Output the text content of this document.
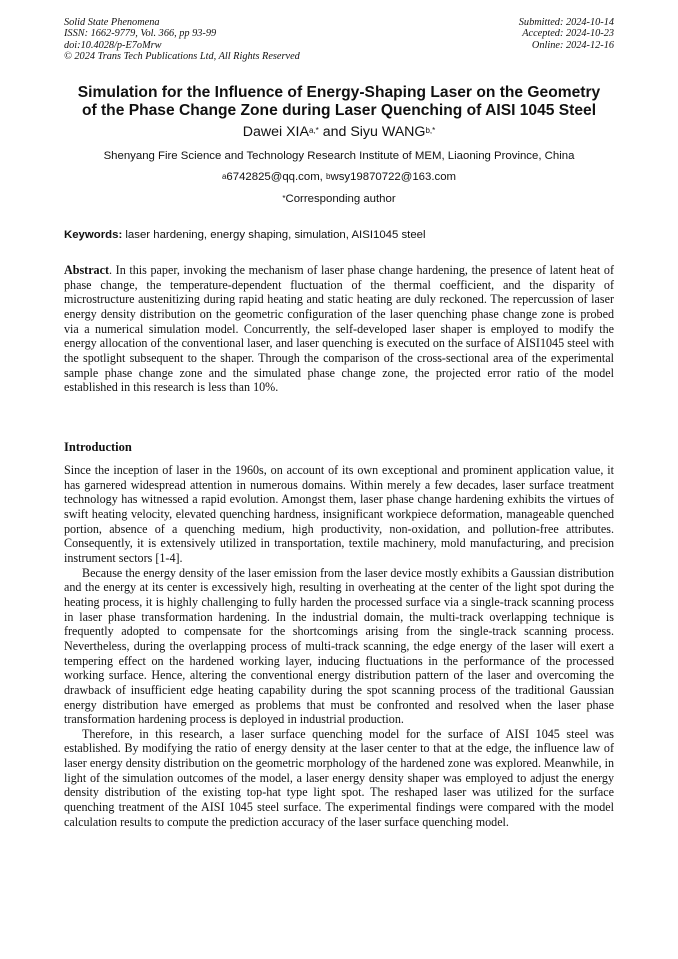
Solid State Phenomena
ISSN: 1662-9779, Vol. 366, pp 93-99
doi:10.4028/p-E7oMrw
© 2024 Trans Tech Publications Ltd, All Rights Reserved
Submitted: 2024-10-14
Accepted: 2024-10-23
Online: 2024-12-16
Simulation for the Influence of Energy-Shaping Laser on the Geometry
of the Phase Change Zone during Laser Quenching of AISI 1045 Steel
Dawei $XIA^{a,*}$ and Siyu $WANG^{b,*}$
Shenyang Fire Science and Technology Research Institute of MEM, Liaoning Province, China
$^a$6742825@qq.com, $^b$wsy19870722@163.com
*Corresponding author
Keywords: laser hardening, energy shaping, simulation, AISI1045 steel

Abstract. In this paper, invoking the mechanism of laser phase change hardening, the presence of latent heat of phase change, the temperature-dependent fluctuation of the thermal coefficient, and the disparity of microstructure austenitizing during rapid heating and static heating are duly reckoned. The repercussion of laser energy density distribution on the geometric configuration of the laser quenching phase change zone is probed via a numerical simulation model. Concurrently, the self-developed laser shaper is employed to modify the energy allocation of the conventional laser, and laser quenching is executed on the surface of AISI1045 steel with the spotlight subsequent to the shaper. Through the comparison of the cross-sectional area of the experimental sample phase change zone and the simulated phase change zone, the projected error ratio of the model established in this research is less than 10%.

Introduction

Since the inception of laser in the 1960s, on account of its own exceptional and prominent application value, it has garnered widespread attention in numerous domains. Within merely a few decades, laser surface treatment technology has witnessed a rapid evolution. Amongst them, laser phase change hardening exhibits the virtues of swift heating velocity, elevated quenching hardness, insignificant workpiece deformation, manageable quenched portion, absence of a quenching medium, high productivity, non-oxidation, and pollution-free attributes. Consequently, it is extensively utilized in transportation, textile machinery, mold manufacturing, and precision instrument sectors [1-4].

Because the energy density of the laser emission from the laser device mostly exhibits a Gaussian distribution and the energy at its center is excessively high, resulting in overheating at the center of the light spot during the heating process, it is highly challenging to fully harden the processed surface via a single-track scanning process in laser phase transformation hardening. In the industrial domain, the multi-track overlapping technique is frequently adopted to compensate for the shortcomings arising from the single-track scanning process. Nevertheless, during the overlapping process of multi-track scanning, the edge energy of the laser will exert a tempering effect on the hardened working layer, inducing fluctuations in the performance of the processed working surface. Hence, altering the conventional energy distribution pattern of the laser and overcoming the drawback of insufficient edge heating capability during the spot scanning process of the traditional Gaussian energy distribution have emerged as problems that must be confronted and resolved when the laser phase transformation hardening process is deployed in industrial production.

Therefore, in this research, a laser surface quenching model for the surface of AISI 1045 steel was established. By modifying the ratio of energy density at the laser center to that at the edge, the influence law of laser energy density distribution on the geometric morphology of the hardened zone was explored. Meanwhile, in light of the simulation outcomes of the model, a laser energy density shaper was employed to adjust the energy density distribution of the existing top-hat type light spot. The reshaped laser was utilized for the surface quenching treatment of the AISI 1045 steel surface. The experimental findings were compared with the model calculation results to compute the prediction accuracy of the laser surface quenching model.
